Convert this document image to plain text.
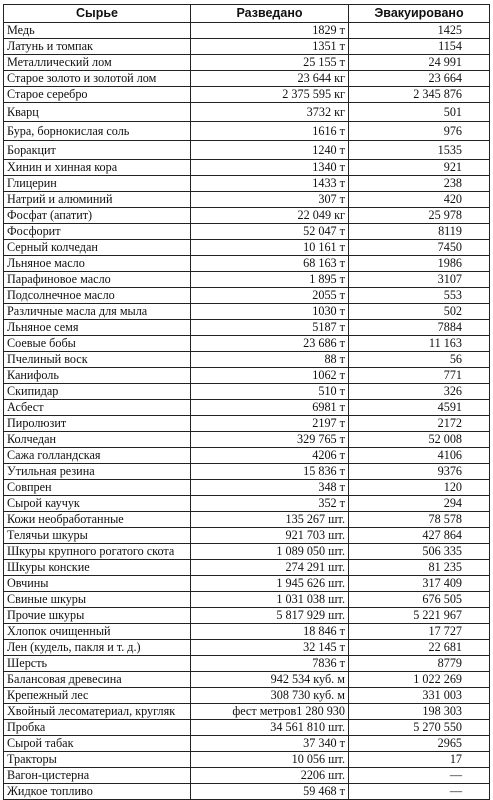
Сырье	Разведано	Эвакуировано
Медь	1829 т	1425
Латунь и томпак	1351 т	1154
Металлический лом	25 155 т	24 991
Старое золото и золотой лом	23 644 кг	23 664
Старое серебро	2 375 595 кг	2 345 876
Кварц	3732 кг	501
Бура, борнокислая соль	1616 т	976
Боракцит	1240 т	1535
Хинин и хинная кора	1340 т	921
Глицерин	1433 т	238
Натрий и алюминий	307 т	420
Фосфат (апатит)	22 049 кг	25 978
Фосфорит	52 047 т	8119
Серный колчедан	10 161 т	7450
Льняное масло	68 163 т	1986
Парафиновое масло	1 895 т	3107
Подсолнечное масло	2055 т	553
Различные масла для мыла	1030 т	502
Льняное семя	5187 т	7884
Соевые бобы	23 686 т	11 163
Пчелиный воск	88 т	56
Канифоль	1062 т	771
Скипидар	510 т	326
Асбест	6981 т	4591
Пиролюзит	2197 т	2172
Колчедан	329 765 т	52 008
Сажа голландская	4206 т	4106
Утильная резина	15 836 т	9376
Совпрен	348 т	120
Сырой каучук	352 т	294
Кожи необработанные	135 267 шт.	78 578
Телячьи шкуры	921 703 шт.	427 864
Шкуры крупного рогатого скота	1 089 050 шт.	506 335
Шкуры конские	274 291 шт.	81 235
Овчины	1 945 626 шт.	317 409
Свиные шкуры	1 031 038 шт.	676 505
Прочие шкуры	5 817 929 шт.	5 221 967
Хлопок очищенный	18 846 т	17 727
Лен (кудель, пакля и т. д.)	32 145 т	22 681
Шерсть	7836 т	8779
Балансовая древесина	942 534 куб. м	1 022 269
Крепежный лес	308 730 куб. м	331 003
Хвойный лесоматериал, кругляк	фест метров1 280 930	198 303
Пробка	34 561 810 шт.	5 270 550
Сырой табак	37 340 т	2965
Тракторы	10 056 шт.	17
Вагон-цистерна	2206 шт.	—
Жидкое топливо	59 468 т	—
